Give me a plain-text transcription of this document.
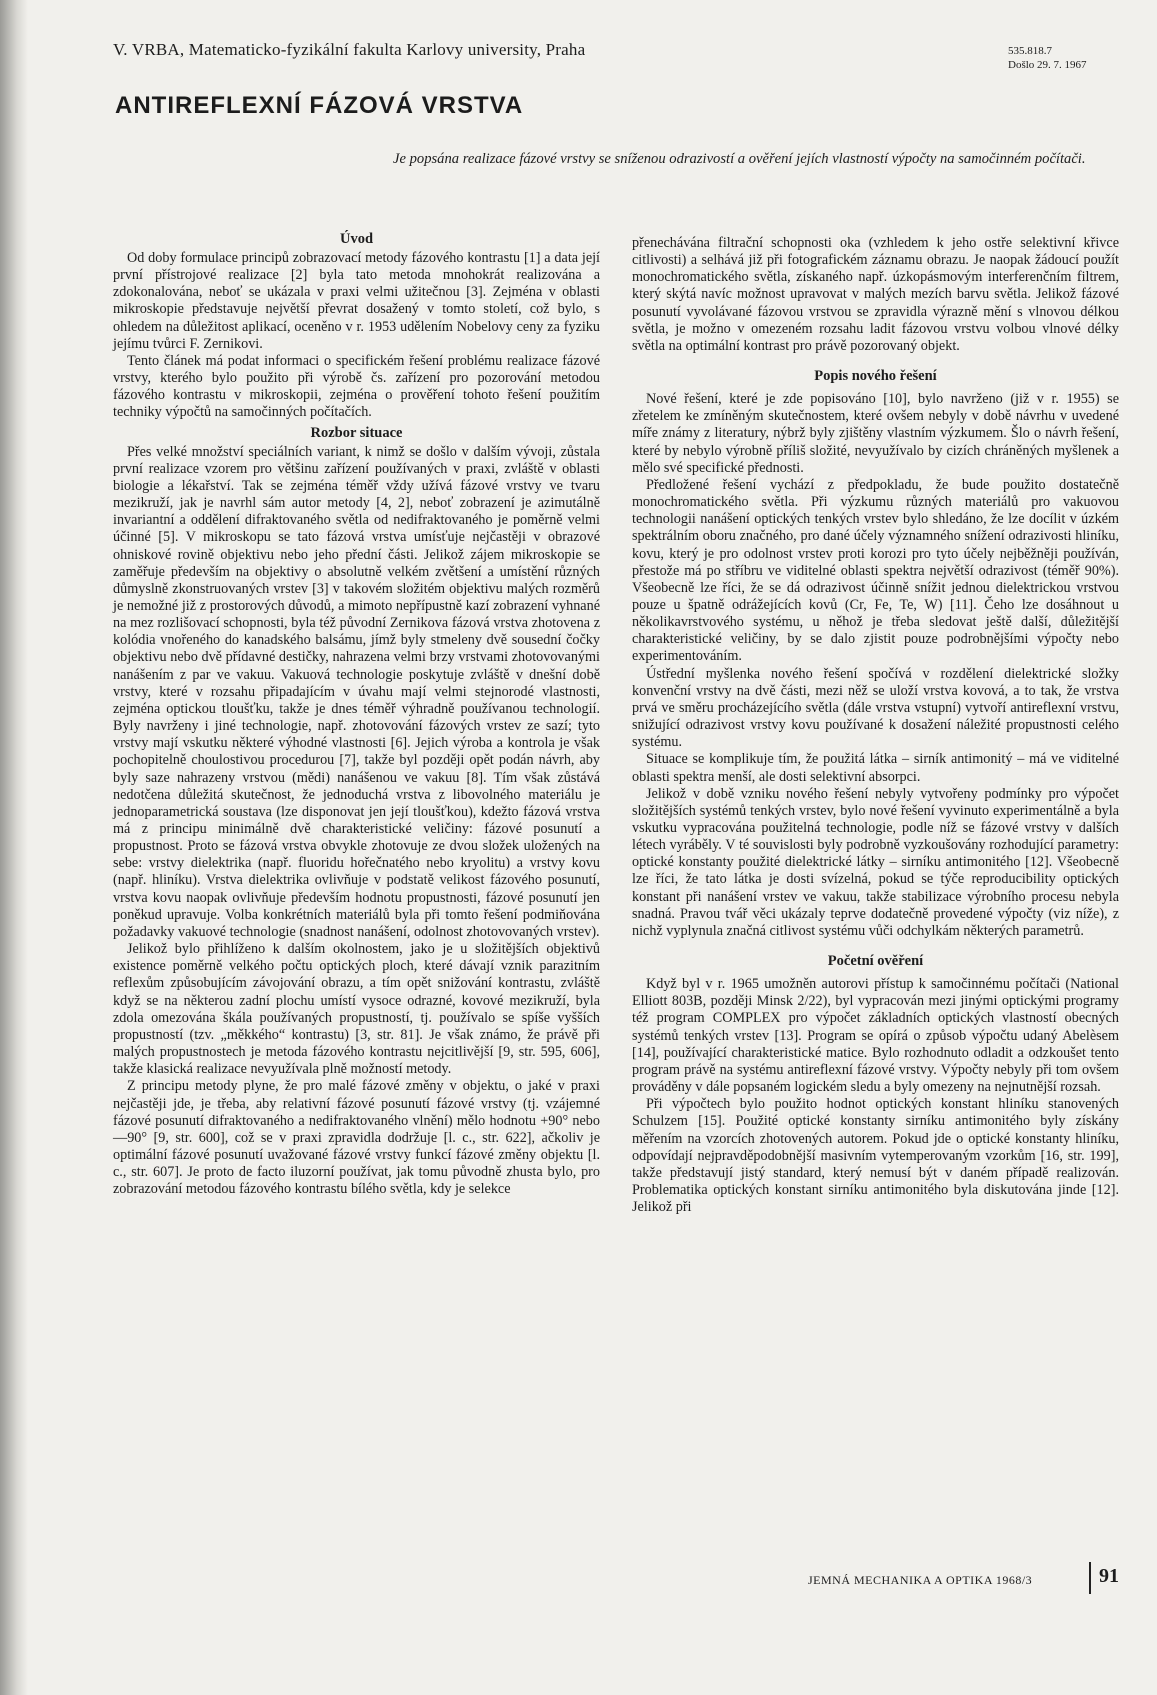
V. VRBA, Matematicko-fyzikální fakulta Karlovy university, Praha	535.818.7
Došlo 29. 7. 1967
ANTIREFLEXNÍ FÁZOVÁ VRSTVA
Je popsána realizace fázové vrstvy se sníženou odrazivostí a ověření jejích vlastností výpočty na samočinném počítači.
Úvod

Od doby formulace principů zobrazovací metody fázového kontrastu [1] a data její první přístrojové realizace [2] byla tato metoda mnohokrát realizována a zdokonalována, neboť se ukázala v praxi velmi užitečnou [3]. Zejména v oblasti mikroskopie představuje největší převrat dosažený v tomto století, což bylo, s ohledem na důležitost aplikací, oceněno v r. 1953 udělením Nobelovy ceny za fyziku jejímu tvůrci F. Zernikovi.

Tento článek má podat informaci o specifickém řešení problému realizace fázové vrstvy, kterého bylo použito při výrobě čs. zařízení pro pozorování metodou fázového kontrastu v mikroskopii, zejména o prověření tohoto řešení použitím techniky výpočtů na samočinných počítačích.

Rozbor situace

Přes velké množství speciálních variant, k nimž se došlo v dalším vývoji, zůstala první realizace vzorem pro většinu zařízení používaných v praxi, zvláště v oblasti biologie a lékařství. Tak se zejména téměř vždy užívá fázové vrstvy ve tvaru mezikruží, jak je navrhl sám autor metody [4, 2], neboť zobrazení je azimutálně invariantní a oddělení difraktovaného světla od nedifraktovaného je poměrně velmi účinné [5]. V mikroskopu se tato fázová vrstva umísťuje nejčastěji v obrazové ohniskové rovině objektivu nebo jeho přední části. Jelikož zájem mikroskopie se zaměřuje především na objektivy o absolutně velkém zvětšení a umístění různých důmyslně zkonstruovaných vrstev [3] v takovém složitém objektivu malých rozměrů je nemožné již z prostorových důvodů, a mimoto nepřípustně kazí zobrazení vyhnané na mez rozlišovací schopnosti, byla též původní Zernikova fázová vrstva zhotovena z kolódia vnořeného do kanadského balsámu, jímž byly stmeleny dvě sousední čočky objektivu nebo dvě přídavné destičky, nahrazena velmi brzy vrstvami zhotovovanými nanášením z par ve vakuu. Vakuová technologie poskytuje zvláště v dnešní době vrstvy, které v rozsahu připadajícím v úvahu mají velmi stejnorodé vlastnosti, zejména optickou tloušťku, takže je dnes téměř výhradně používanou technologií. Byly navrženy i jiné technologie, např. zhotovování fázových vrstev ze sazí; tyto vrstvy mají vskutku některé výhodné vlastnosti [6]. Jejich výroba a kontrola je však pochopitelně choulostivou procedurou [7], takže byl později opět podán návrh, aby byly saze nahrazeny vrstvou (mědi) nanášenou ve vakuu [8]. Tím však zůstává nedotčena důležitá skutečnost, že jednoduchá vrstva z libovolného materiálu je jednoparametrická soustava (lze disponovat jen její tloušťkou), kdežto fázová vrstva má z principu minimálně dvě charakteristické veličiny: fázové posunutí a propustnost. Proto se fázová vrstva obvykle zhotovuje ze dvou složek uložených na sebe: vrstvy dielektrika (např. fluoridu hořečnatého nebo kryolitu) a vrstvy kovu (např. hliníku). Vrstva dielektrika ovlivňuje v podstatě velikost fázového posunutí, vrstva kovu naopak ovlivňuje především hodnotu propustnosti, fázové posunutí jen poněkud upravuje. Volba konkrétních materiálů byla při tomto řešení podmiňována požadavky vakuové technologie (snadnost nanášení, odolnost zhotovovaných vrstev).

Jelikož bylo přihlíženo k dalším okolnostem, jako je u složitějších objektivů existence poměrně velkého počtu optických ploch, které dávají vznik parazitním reflexům způsobujícím závojování obrazu, a tím opět snižování kontrastu, zvláště když se na některou zadní plochu umístí vysoce odrazné, kovové mezikruží, byla zdola omezována škála používaných propustností, tj. používalo se spíše vyšších propustností (tzv. „měkkého“ kontrastu) [3, str. 81]. Je však známo, že právě při malých propustnostech je metoda fázového kontrastu nejcitlivější [9, str. 595, 606], takže klasická realizace nevyužívala plně možností metody.

Z principu metody plyne, že pro malé fázové změny v objektu, o jaké v praxi nejčastěji jde, je třeba, aby relativní fázové posunutí fázové vrstvy (tj. vzájemné fázové posunutí difraktovaného a nedifraktovaného vlnění) mělo hodnotu +90° nebo —90° [9, str. 600], což se v praxi zpravidla dodržuje [l. c., str. 622], ačkoliv je optimální fázové posunutí uvažované fázové vrstvy funkcí fázové změny objektu [l. c., str. 607]. Je proto de facto iluzorní používat, jak tomu původně zhusta bylo, pro zobrazování metodou fázového kontrastu bílého světla, kdy je selekce

přenechávána filtrační schopnosti oka (vzhledem k jeho ostře selektivní křivce citlivosti) a selhává již při fotografickém záznamu obrazu. Je naopak žádoucí použít monochromatického světla, získaného např. úzkopásmovým interferenčním filtrem, který skýtá navíc možnost upravovat v malých mezích barvu světla. Jelikož fázové posunutí vyvolávané fázovou vrstvou se zpravidla výrazně mění s vlnovou délkou světla, je možno v omezeném rozsahu ladit fázovou vrstvu volbou vlnové délky světla na optimální kontrast pro právě pozorovaný objekt.

Popis nového řešení

Nové řešení, které je zde popisováno [10], bylo navrženo (již v r. 1955) se zřetelem ke zmíněným skutečnostem, které ovšem nebyly v době návrhu v uvedené míře známy z literatury, nýbrž byly zjištěny vlastním výzkumem. Šlo o návrh řešení, které by nebylo výrobně příliš složité, nevyužívalo by cizích chráněných myšlenek a mělo své specifické přednosti.

Předložené řešení vychází z předpokladu, že bude použito dostatečně monochromatického světla. Při výzkumu různých materiálů pro vakuovou technologii nanášení optických tenkých vrstev bylo shledáno, že lze docílit v úzkém spektrálním oboru značného, pro dané účely významného snížení odrazivosti hliníku, kovu, který je pro odolnost vrstev proti korozi pro tyto účely nejběžněji používán, přestože má po stříbru ve viditelné oblasti spektra největší odrazivost (téměř 90%). Všeobecně lze říci, že se dá odrazivost účinně snížit jednou dielektrickou vrstvou pouze u špatně odrážejících kovů (Cr, Fe, Te, W) [11]. Čeho lze dosáhnout u několikavrstvového systému, u něhož je třeba sledovat ještě další, důležitější charakteristické veličiny, by se dalo zjistit pouze podrobnějšími výpočty nebo experimentováním.

Ústřední myšlenka nového řešení spočívá v rozdělení dielektrické složky konvenční vrstvy na dvě části, mezi něž se uloží vrstva kovová, a to tak, že vrstva prvá ve směru procházejícího světla (dále vrstva vstupní) vytvoří antireflexní vrstvu, snižující odrazivost vrstvy kovu používané k dosažení náležité propustnosti celého systému.

Situace se komplikuje tím, že použitá látka – sirník antimonitý – má ve viditelné oblasti spektra menší, ale dosti selektivní absorpci.

Jelikož v době vzniku nového řešení nebyly vytvořeny podmínky pro výpočet složitějších systémů tenkých vrstev, bylo nové řešení vyvinuto experimentálně a byla vskutku vypracována použitelná technologie, podle níž se fázové vrstvy v dalších létech vyráběly. V té souvislosti byly podrobně vyzkoušovány rozhodující parametry: optické konstanty použité dielektrické látky – sirníku antimonitého [12]. Všeobecně lze říci, že tato látka je dosti svízelná, pokud se týče reproducibility optických konstant při nanášení vrstev ve vakuu, takže stabilizace výrobního procesu nebyla snadná. Pravou tvář věci ukázaly teprve dodatečně provedené výpočty (viz níže), z nichž vyplynula značná citlivost systému vůči odchylkám některých parametrů.

Početní ověření

Když byl v r. 1965 umožněn autorovi přístup k samočinnému počítači (National Elliott 803B, později Minsk 2/22), byl vypracován mezi jinými optickými programy též program COMPLEX pro výpočet základních optických vlastností obecných systémů tenkých vrstev [13]. Program se opírá o způsob výpočtu udaný Abelèsem [14], používající charakteristické matice. Bylo rozhodnuto odladit a odzkoušet tento program právě na systému antireflexní fázové vrstvy. Výpočty nebyly při tom ovšem prováděny v dále popsaném logickém sledu a byly omezeny na nejnutnější rozsah.

Při výpočtech bylo použito hodnot optických konstant hliníku stanovených Schulzem [15]. Použité optické konstanty sirníku antimonitého byly získány měřením na vzorcích zhotovených autorem. Pokud jde o optické konstanty hliníku, odpovídají nejpravděpodobnější masivním vytemperovaným vzorkům [16, str. 199], takže představují jistý standard, který nemusí být v daném případě realizován. Problematika optických konstant sirníku antimonitého byla diskutována jinde [12]. Jelikož při

JEMNÁ MECHANIKA A OPTIKA 1968/3	91
